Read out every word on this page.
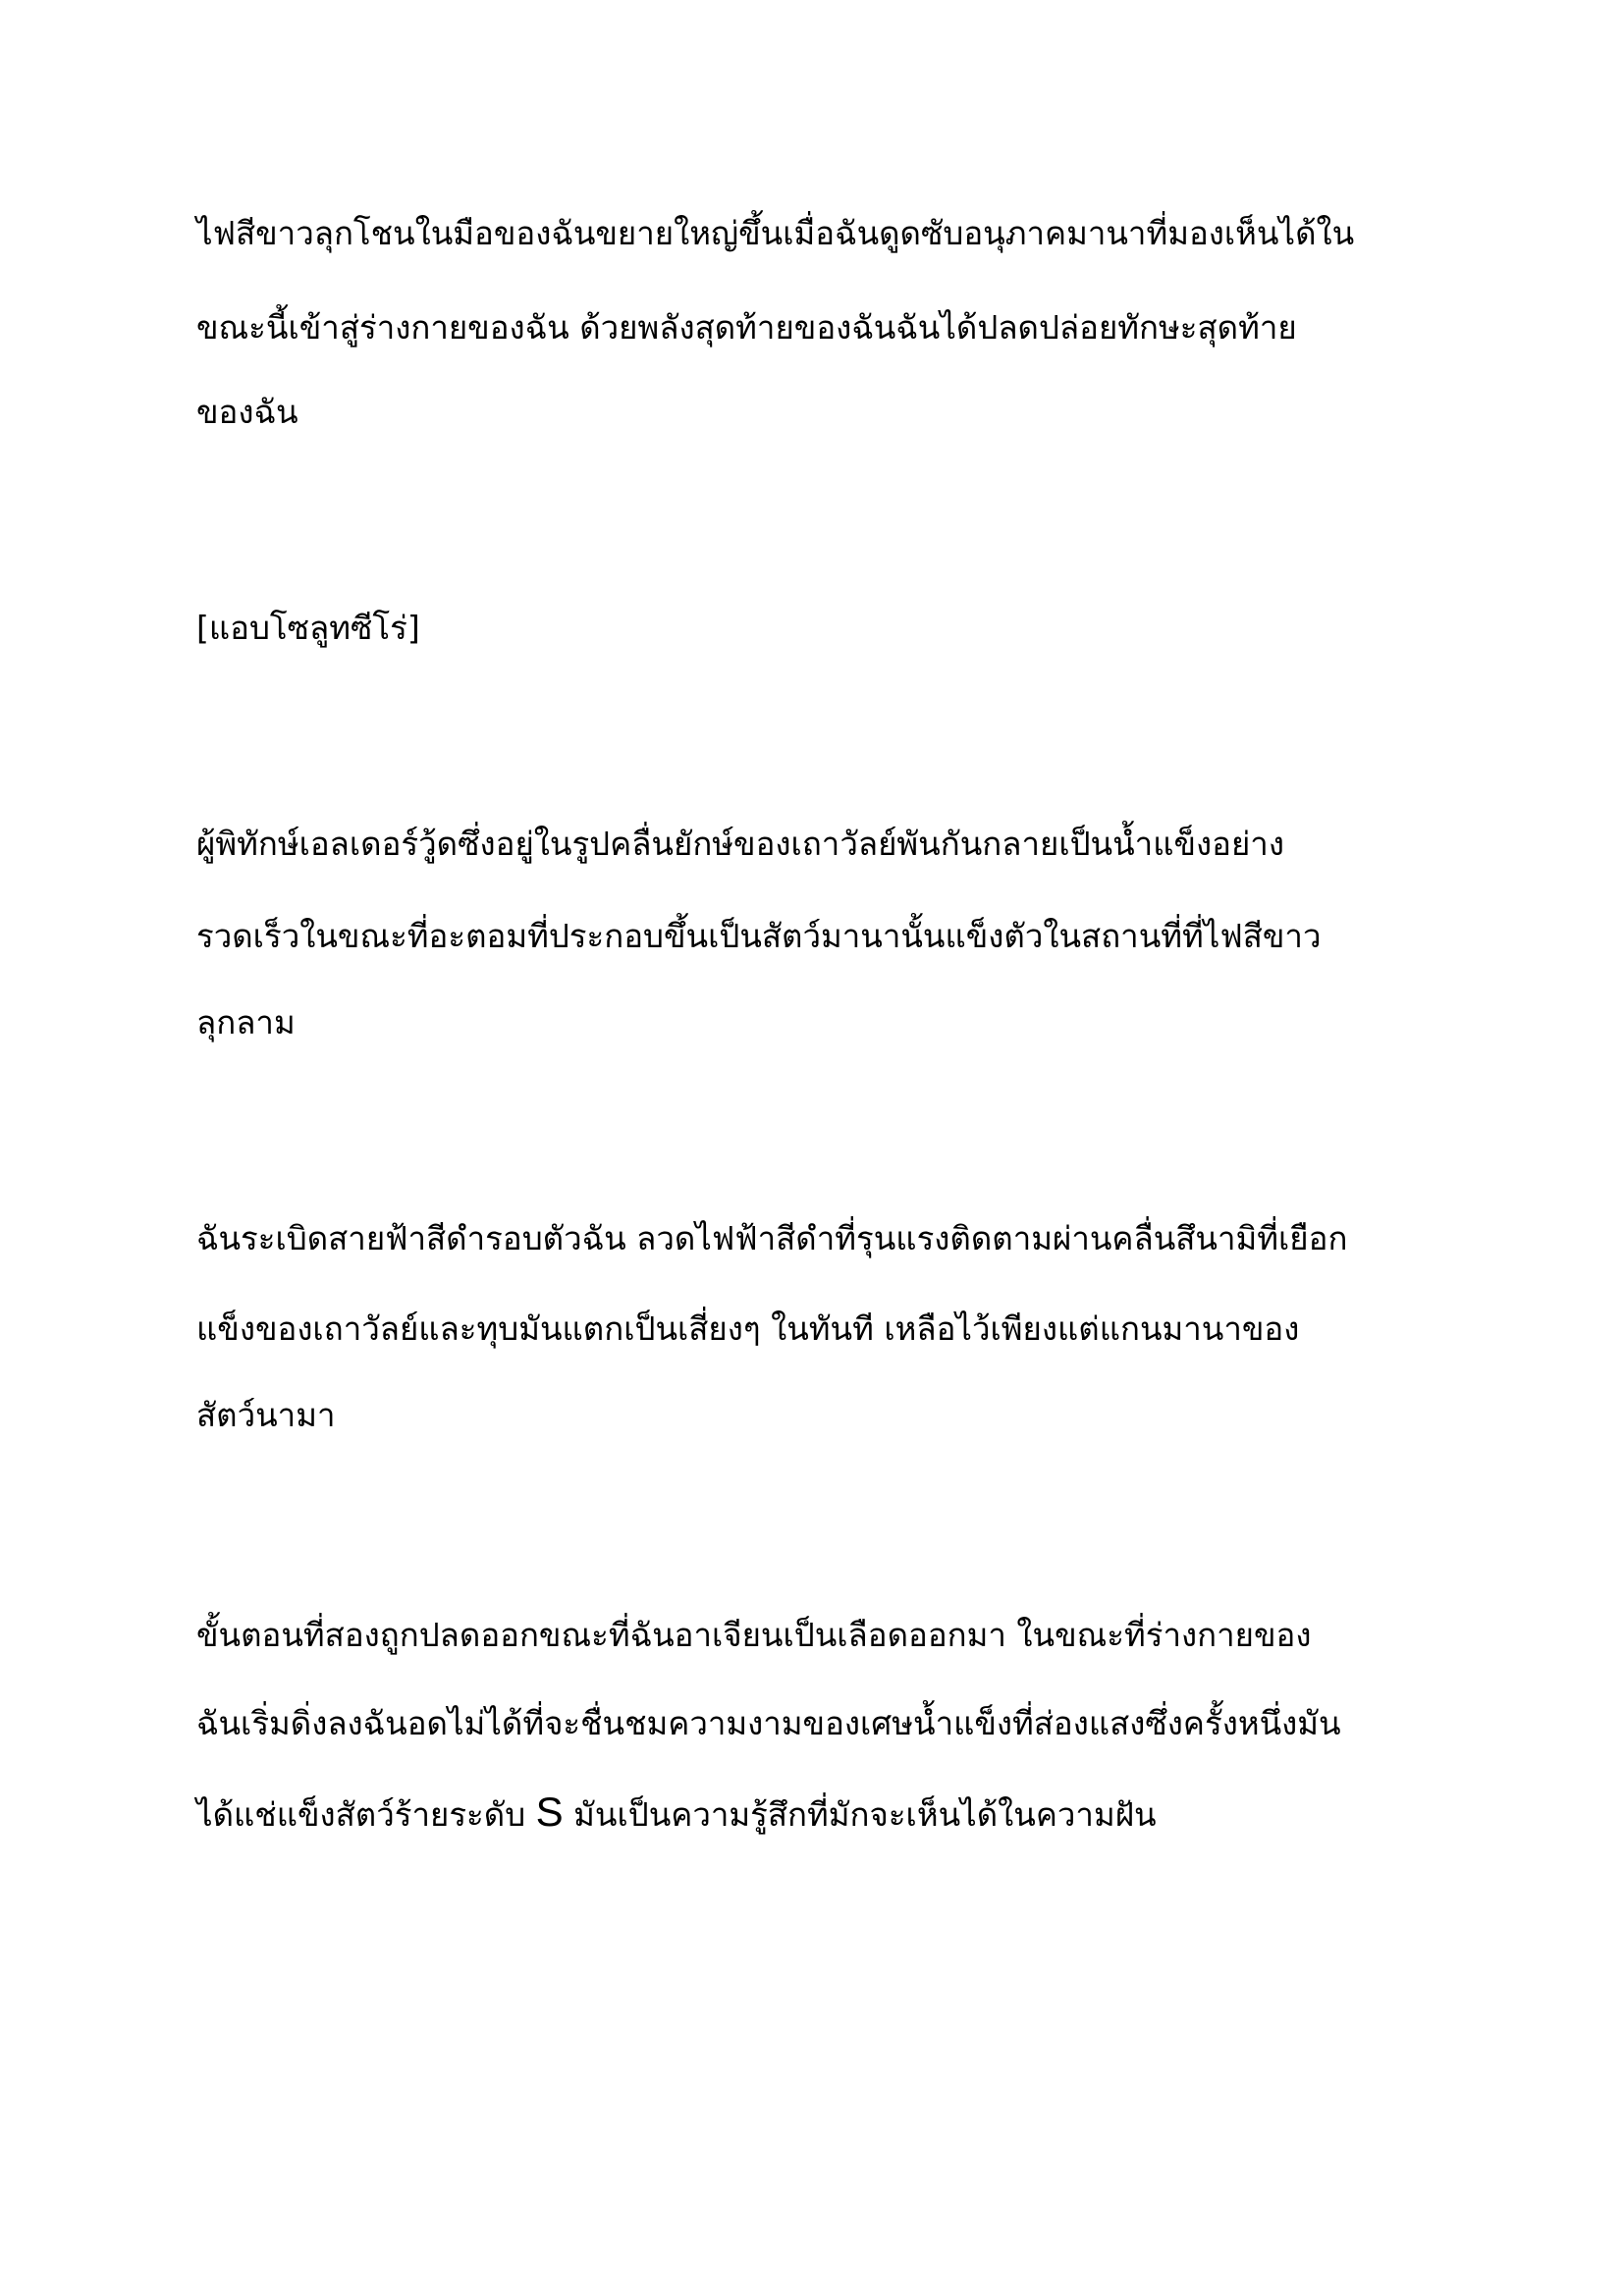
ไฟสีขาวลุกโชนในมือของฉันขยายใหญ่ขึ้นเมื่อฉันดูดซับอนุภาคมานาที่มองเห็นได้ใน
ขณะนี้เข้าสู่ร่างกายของฉัน ด้วยพลังสุดท้ายของฉันฉันได้ปลดปล่อยทักษะสุดท้าย
ของฉัน
[แอบโซลูทซีโร่]
ผู้พิทักษ์เอลเดอร์วู้ดซึ่งอยู่ในรูปคลื่นยักษ์ของเถาวัลย์พันกันกลายเป็นน้ำแข็งอย่าง
รวดเร็วในขณะที่อะตอมที่ประกอบขึ้นเป็นสัตว์มานานั้นแข็งตัวในสถานที่ที่ไฟสีขาว
ลุกลาม
ฉันระเบิดสายฟ้าสีดำรอบตัวฉัน ลวดไฟฟ้าสีดำที่รุนแรงติดตามผ่านคลื่นสึนามิที่เยือก
แข็งของเถาวัลย์และทุบมันแตกเป็นเสี่ยงๆ ในทันที เหลือไว้เพียงแต่แกนมานาของ
สัตว์นามา
ขั้นตอนที่สองถูกปลดออกขณะที่ฉันอาเจียนเป็นเลือดออกมา ในขณะที่ร่างกายของ
ฉันเริ่มดิ่งลงฉันอดไม่ได้ที่จะชื่นชมความงามของเศษน้ำแข็งที่ส่องแสงซึ่งครั้งหนึ่งมัน
ได้แช่แข็งสัตว์ร้ายระดับ S มันเป็นความรู้สึกที่มักจะเห็นได้ในความฝัน
